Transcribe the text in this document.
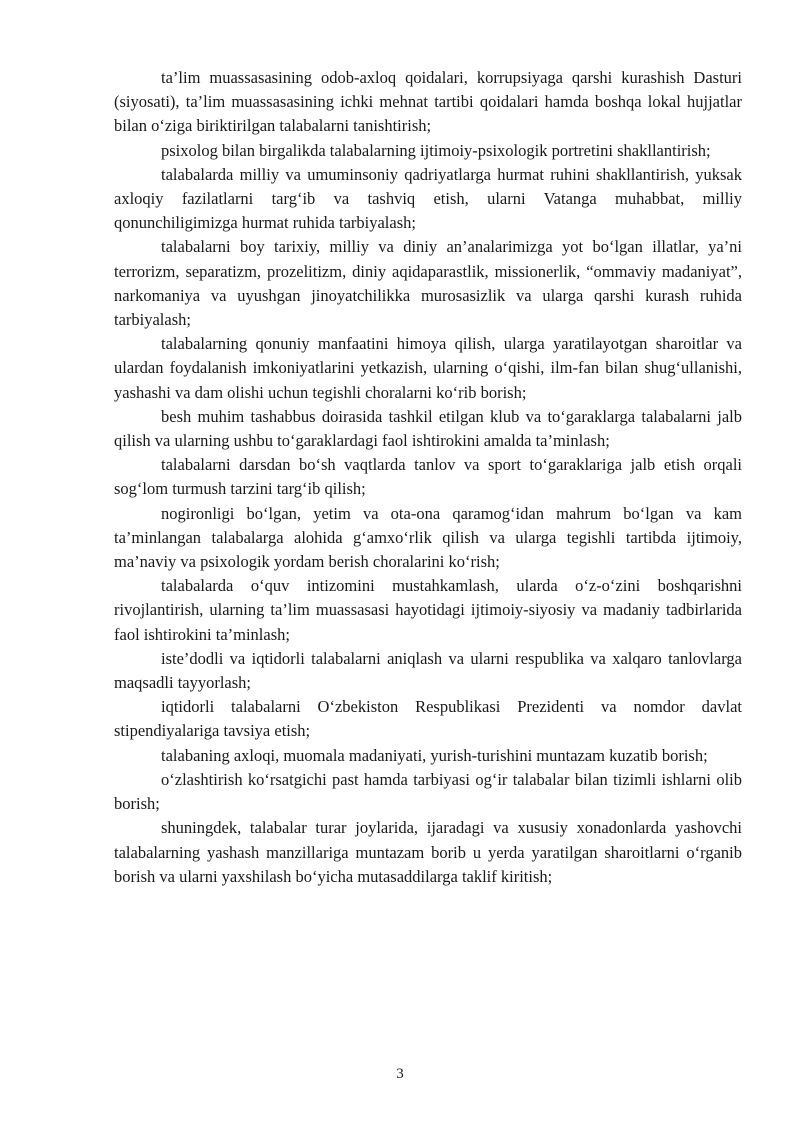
ta’lim muassasasining odob-axloq qoidalari, korrupsiyaga qarshi kurashish Dasturi (siyosati), ta’lim muassasasining ichki mehnat tartibi qoidalari hamda boshqa lokal hujjatlar bilan o‘ziga biriktirilgan talabalarni tanishtirish;

psixolog bilan birgalikda talabalarning ijtimoiy-psixologik portretini shakllantirish;

talabalarda milliy va umuminsoniy qadriyatlarga hurmat ruhini shakllantirish, yuksak axloqiy fazilatlarni targ‘ib va tashviq etish, ularni Vatanga muhabbat, milliy qonunchiligimizga hurmat ruhida tarbiyalash;

talabalarni boy tarixiy, milliy va diniy an’analarimizga yot bo‘lgan illatlar, ya’ni terrorizm, separatizm, prozelitizm, diniy aqidaparastlik, missionerlik, “ommaviy madaniyat”, narkomaniya va uyushgan jinoyatchilikka murosasizlik va ularga qarshi kurash ruhida tarbiyalash;

talabalarning qonuniy manfaatini himoya qilish, ularga yaratilayotgan sharoitlar va ulardan foydalanish imkoniyatlarini yetkazish, ularning o‘qishi, ilm-fan bilan shug‘ullanishi, yashashi va dam olishi uchun tegishli choralarni ko‘rib borish;

besh muhim tashabbus doirasida tashkil etilgan klub va to‘garaklarga talabalarni jalb qilish va ularning ushbu to‘garaklardagi faol ishtirokini amalda ta’minlash;

talabalarni darsdan bo‘sh vaqtlarda tanlov va sport to‘garaklariga jalb etish orqali sog‘lom turmush tarzini targ‘ib qilish;

nogironligi bo‘lgan, yetim va ota-ona qaramog‘idan mahrum bo‘lgan va kam ta’minlangan talabalarga alohida g‘amxo‘rlik qilish va ularga tegishli tartibda ijtimoiy, ma’naviy va psixologik yordam berish choralarini ko‘rish;

talabalarda o‘quv intizomini mustahkamlash, ularda o‘z-o‘zini boshqarishni rivojlantirish, ularning ta’lim muassasasi hayotidagi ijtimoiy-siyosiy va madaniy tadbirlarida faol ishtirokini ta’minlash;

iste’dodli va iqtidorli talabalarni aniqlash va ularni respublika va xalqaro tanlovlarga maqsadli tayyorlash;

iqtidorli talabalarni O‘zbekiston Respublikasi Prezidenti va nomdor davlat stipendiyalariga tavsiya etish;

talabaning axloqi, muomala madaniyati, yurish-turishini muntazam kuzatib borish;

o‘zlashtirish ko‘rsatgichi past hamda tarbiyasi og‘ir talabalar bilan tizimli ishlarni olib borish;

shuningdek, talabalar turar joylarida, ijaradagi va xususiy xonadonlarda yashovchi talabalarning yashash manzillariga muntazam borib u yerda yaratilgan sharoitlarni o‘rganib borish va ularni yaxshilash bo‘yicha mutasaddilarga taklif kiritish;

3
